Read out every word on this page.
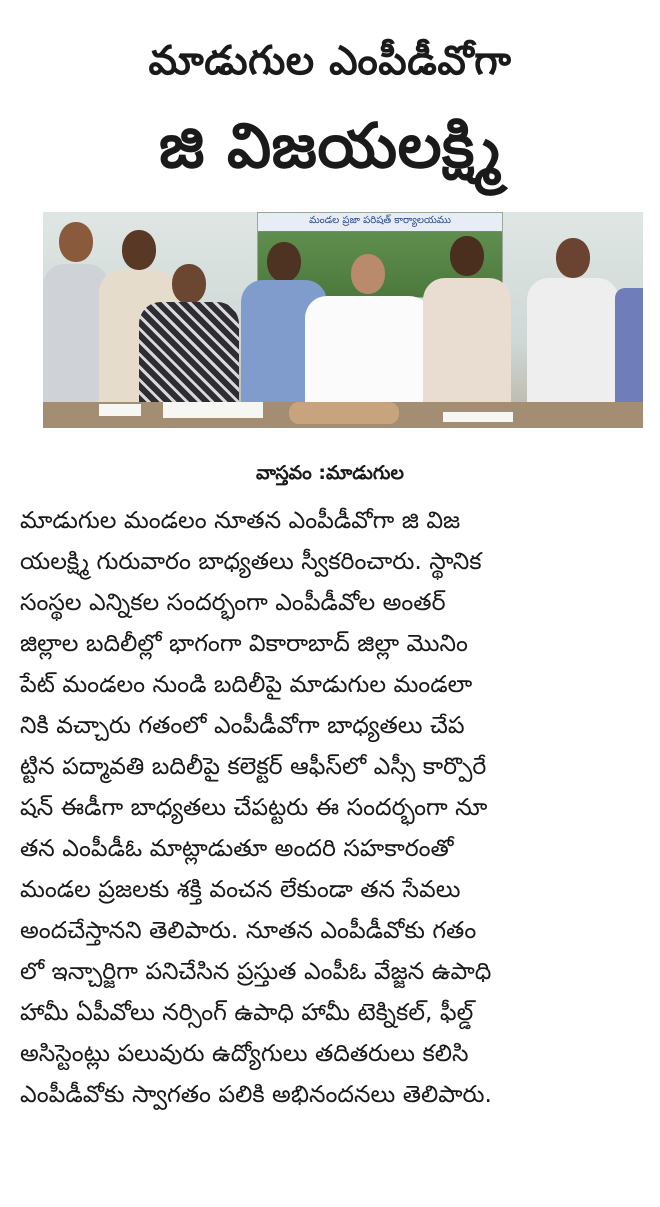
మాడుగుల ఎంపీడీవోగా
జి విజయలక్ష్మి
మండల ప్రజా పరిషత్ కార్యాలయము
వాస్తవం :మాడుగుల
మాడుగుల మండలం నూతన ఎంపీడీవోగా జి విజ
యలక్ష్మి గురువారం బాధ్యతలు స్వీకరించారు. స్థానిక
సంస్థల ఎన్నికల సందర్భంగా ఎంపీడీవోల అంతర్
జిల్లాల బదిలీల్లో భాగంగా వికారాబాద్ జిల్లా మొనిం
పేట్ మండలం నుండి బదిలీపై మాడుగుల మండలా
నికి వచ్చారు గతంలో ఎంపీడీవోగా బాధ్యతలు చేప
ట్టిన పద్మావతి బదిలీపై కలెక్టర్ ఆఫీస్‌లో ఎస్సీ కార్పొరే
షన్ ఈడీగా బాధ్యతలు చేపట్టరు ఈ సందర్భంగా నూ
తన ఎంపీడీఓ మాట్లాడుతూ అందరి సహకారంతో
మండల ప్రజలకు శక్తి వంచన లేకుండా తన సేవలు
అందచేస్తానని తెలిపారు. నూతన ఎంపీడీవోకు గతం
లో ఇన్చార్జిగా పనిచేసిన ప్రస్తుత ఎంపీఓ వేజ్జన ఉపాధి
హామీ ఏపీవోలు నర్సింగ్ ఉపాధి హామీ టెక్నికల్, ఫీల్డ్
అసిస్టెంట్లు పలువురు ఉద్యోగులు తదితరులు కలిసి
ఎంపీడీవోకు స్వాగతం పలికి అభినందనలు తెలిపారు.
